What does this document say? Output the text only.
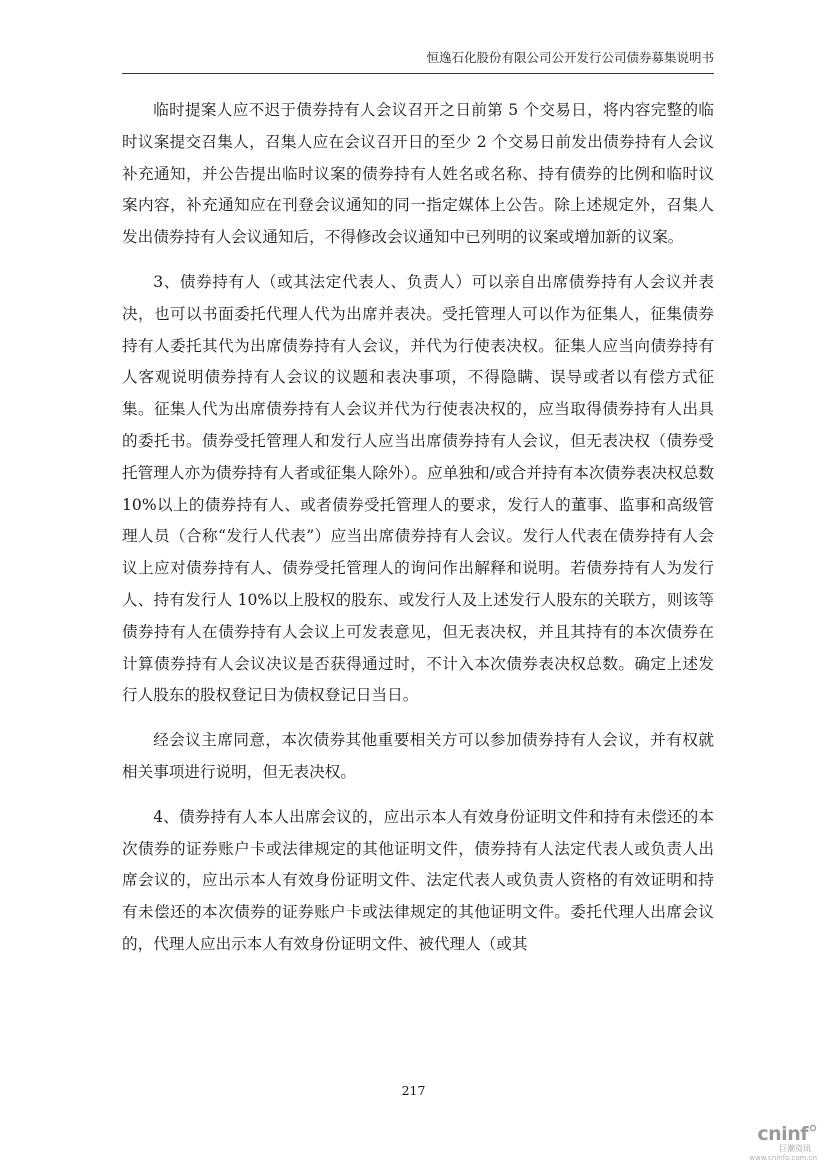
恒逸石化股份有限公司公开发行公司债券募集说明书

临时提案人应不迟于债券持有人会议召开之日前第 5 个交易日，将内容完整的临时议案提交召集人，召集人应在会议召开日的至少 2 个交易日前发出债券持有人会议补充通知，并公告提出临时议案的债券持有人姓名或名称、持有债券的比例和临时议案内容，补充通知应在刊登会议通知的同一指定媒体上公告。除上述规定外，召集人发出债券持有人会议通知后，不得修改会议通知中已列明的议案或增加新的议案。

3、债券持有人（或其法定代表人、负责人）可以亲自出席债券持有人会议并表决，也可以书面委托代理人代为出席并表决。受托管理人可以作为征集人，征集债券持有人委托其代为出席债券持有人会议，并代为行使表决权。征集人应当向债券持有人客观说明债券持有人会议的议题和表决事项，不得隐瞒、误导或者以有偿方式征集。征集人代为出席债券持有人会议并代为行使表决权的，应当取得债券持有人出具的委托书。债券受托管理人和发行人应当出席债券持有人会议，但无表决权（债券受托管理人亦为债券持有人者或征集人除外）。应单独和/或合并持有本次债券表决权总数 10%以上的债券持有人、或者债券受托管理人的要求，发行人的董事、监事和高级管理人员（合称“发行人代表”）应当出席债券持有人会议。发行人代表在债券持有人会议上应对债券持有人、债券受托管理人的询问作出解释和说明。若债券持有人为发行人、持有发行人 10%以上股权的股东、或发行人及上述发行人股东的关联方，则该等债券持有人在债券持有人会议上可发表意见，但无表决权，并且其持有的本次债券在计算债券持有人会议决议是否获得通过时，不计入本次债券表决权总数。确定上述发行人股东的股权登记日为债权登记日当日。

经会议主席同意，本次债券其他重要相关方可以参加债券持有人会议，并有权就相关事项进行说明，但无表决权。

4、债券持有人本人出席会议的，应出示本人有效身份证明文件和持有未偿还的本次债券的证券账户卡或法律规定的其他证明文件，债券持有人法定代表人或负责人出席会议的，应出示本人有效身份证明文件、法定代表人或负责人资格的有效证明和持有未偿还的本次债券的证券账户卡或法律规定的其他证明文件。委托代理人出席会议的，代理人应出示本人有效身份证明文件、被代理人（或其

217
cninf
巨潮资讯
www.cninfo.com.cn
